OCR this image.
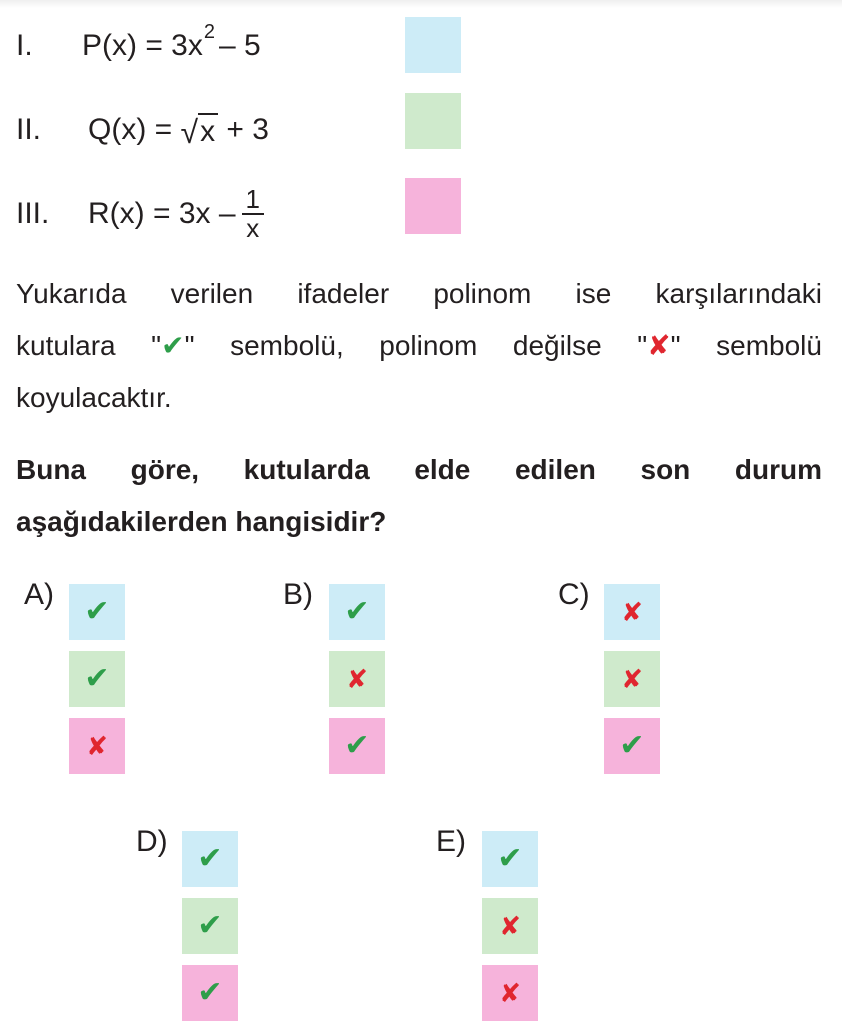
I. P(x) = 3x 2 – 5
II. Q(x) = √ x + 3
III. $R(x) = 3x - \frac{1}{x}$
Yukarıda verilen ifadeler polinom ise karşılarındaki
kutulara "✔" sembolü, polinom değilse "✘" sembolü
koyulacaktır.
Buna göre, kutularda elde edilen son durum
aşağıdakilerden hangisidir?
A)
✔
✔
✘
B)
✔
✘
✔
C)
✘
✘
✔
D)
✔
✔
✔
E)
✔
✘
✘
